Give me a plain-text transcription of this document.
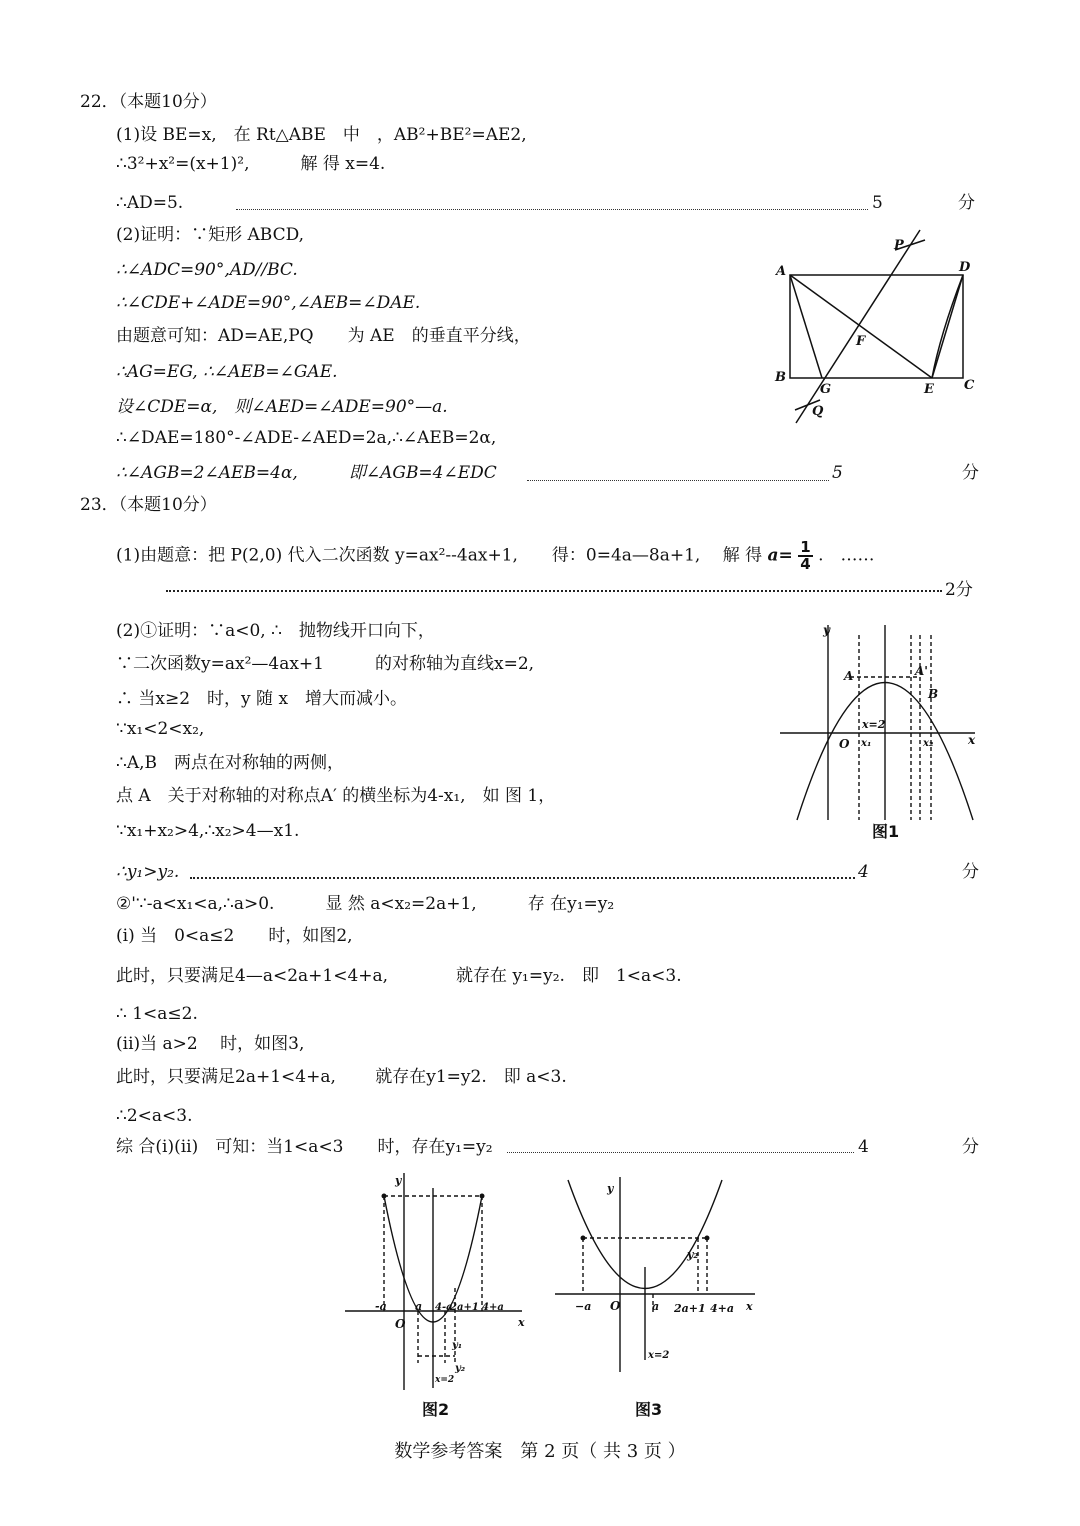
22．（本题10分）
(1)设 BE=x,　在 Rt△ABE　中　，AB²+BE²=AE2,
∴3²+x²=(x+1)²,　　　解 得 x=4.
∴AD=5.	5	分
(2)证明：∵矩形 ABCD,
∴∠ADC=90°,AD//BC.
∴∠CDE+∠ADE=90°,∠AEB=∠DAE.
由题意可知：AD=AE,PQ　　为 AE　的垂直平分线，
∴AG=EG, ∴∠AEB=∠GAE.
设∠CDE=α,　则∠AED=∠ADE=90°—a.
∴∠DAE=180°-∠ADE-∠AED=2a,∴∠AEB=2α,
∴∠AGB=2∠AEB=4α,　　　即∠AGB=4∠EDC	5	分
A	D
B
G	E C
P
F
Q
23．（本题10分）
(1)由题意：把 P(2,0) 代入二次函数 y=ax²--4ax+1,　　得：0=4a—8a+1,　 解 得 $a= \frac{1}{4}$ .　……
2分
(2)①证明：∵a<0, ∴　抛物线开口向下，
∵二次函数y=ax²—4ax+1　　　的对称轴为直线x=2,
∴ 当x≥2　时，y 随 x　增大而减小。
∵x₁<2<x₂,
∴A,B　两点在对称轴的两侧，
点 A　关于对称轴的对称点A′ 的横坐标为4-x₁,　如 图 1，
∵x₁+x₂>4,∴x₂>4—x1.
∴y₁>y₂.	4	分
②'∵-a<x₁<a,∴a>0.　　　显 然 a<x₂=2a+1,　　　存 在y₁=y₂
(i) 当　0<a≤2　　时，如图2,
此时，只要满足4—a<2a+1<4+a,　　　　就存在 y₁=y₂.　即　1<a<3.
∴ 1<a≤2.
(ii)当 a>2　 时，如图3,
此时，只要满足2a+1<4+a,　　 就存在y1=y2.　即 a<3.
∴2<a<3.
综 合(i)(ii)　可知：当1<a<3　　时，存在y₁=y₂	4	分
y
x
O
A	A'
B
x=2
x₁	x₂
图1
y
x
O
-a	a 4-a
2a+1 4+a
y₁
y₂
x=2
图2
y
x
O
−a	a 2a+1 4+a
y₂
x=2
图3
数学参考答案　第 2 页（ 共 3 页 ）
